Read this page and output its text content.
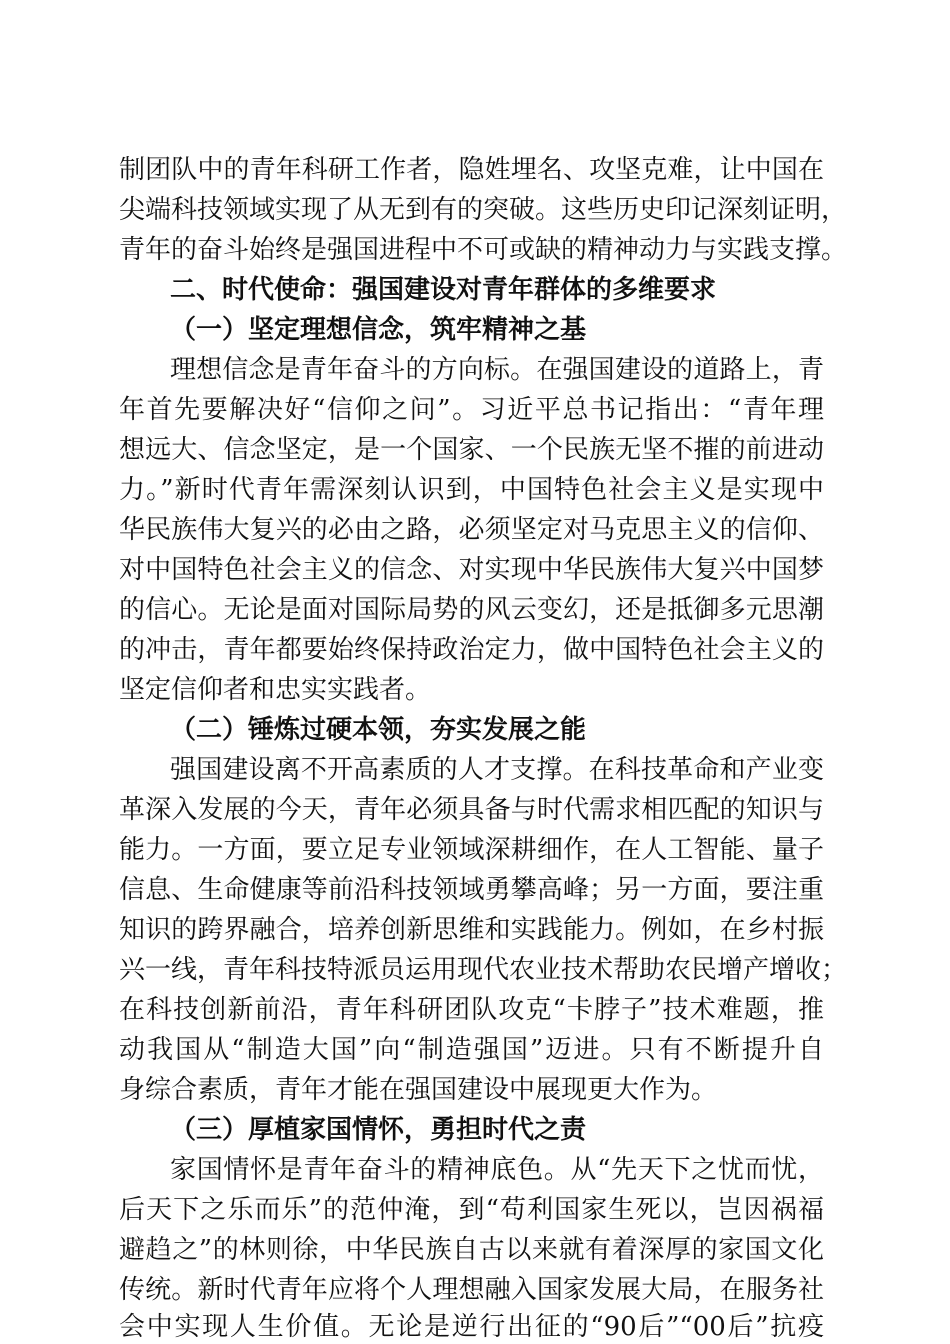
制团队中的青年科研工作者，隐姓埋名、攻坚克难，让中国在
尖端科技领域实现了从无到有的突破。这些历史印记深刻证明，
青年的奋斗始终是强国进程中不可或缺的精神动力与实践支撑。
二、时代使命：强国建设对青年群体的多维要求
（一）坚定理想信念，筑牢精神之基
理想信念是青年奋斗的方向标。在强国建设的道路上，青
年首先要解决好“信仰之问”。习近平总书记指出：“青年理
想远大、信念坚定，是一个国家、一个民族无坚不摧的前进动
力。”新时代青年需深刻认识到，中国特色社会主义是实现中
华民族伟大复兴的必由之路，必须坚定对马克思主义的信仰、
对中国特色社会主义的信念、对实现中华民族伟大复兴中国梦
的信心。无论是面对国际局势的风云变幻，还是抵御多元思潮
的冲击，青年都要始终保持政治定力，做中国特色社会主义的
坚定信仰者和忠实实践者。
（二）锤炼过硬本领，夯实发展之能
强国建设离不开高素质的人才支撑。在科技革命和产业变
革深入发展的今天，青年必须具备与时代需求相匹配的知识与
能力。一方面，要立足专业领域深耕细作，在人工智能、量子
信息、生命健康等前沿科技领域勇攀高峰；另一方面，要注重
知识的跨界融合，培养创新思维和实践能力。例如，在乡村振
兴一线，青年科技特派员运用现代农业技术帮助农民增产增收；
在科技创新前沿，青年科研团队攻克“卡脖子”技术难题，推
动我国从“制造大国”向“制造强国”迈进。只有不断提升自
身综合素质，青年才能在强国建设中展现更大作为。
（三）厚植家国情怀，勇担时代之责
家国情怀是青年奋斗的精神底色。从“先天下之忧而忧，
后天下之乐而乐”的范仲淹，到“苟利国家生死以，岂因祸福
避趋之”的林则徐，中华民族自古以来就有着深厚的家国文化
传统。新时代青年应将个人理想融入国家发展大局，在服务社
会中实现人生价值。无论是逆行出征的“90后”“00后”抗疫
